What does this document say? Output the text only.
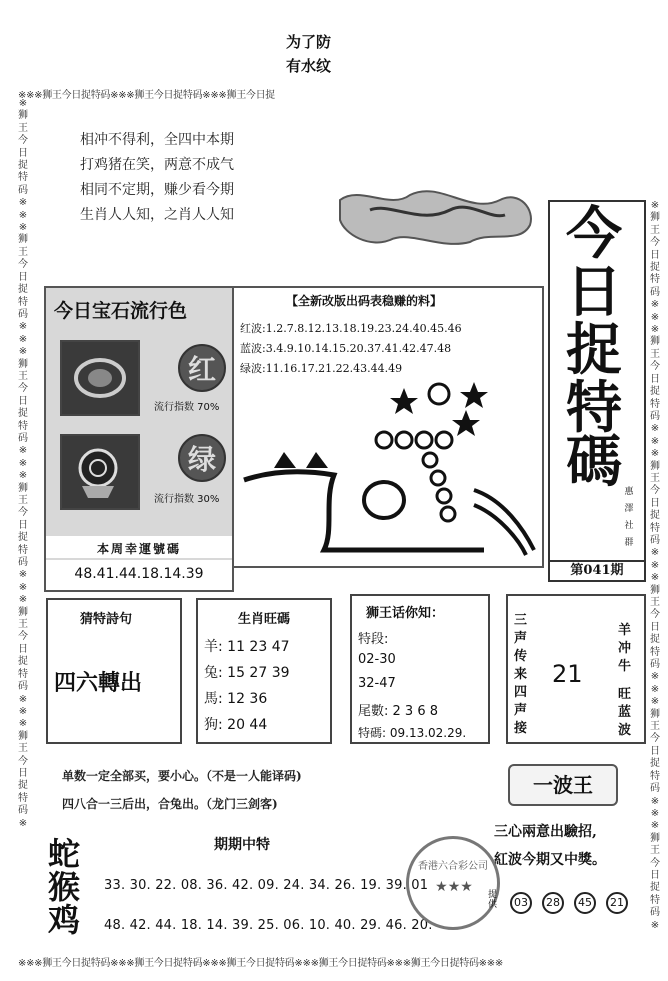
※※※狮王今日捉特码※※※狮王今日捉特码※※※狮王今日捉
※※※狮王今日捉特码※※※狮王今日捉特码※※※狮王今日捉特码※※※狮王今日捉特码※※※狮王今日捉特码※※※
※狮王今日捉特码※※※狮王今日捉特码※※※狮王今日捉特码※※※狮王今日捉特码※※※狮王今日捉特码※※※狮王今日捉特码※
※狮王今日捉特码※※※狮王今日捉特码※※※狮王今日捉特码※※※狮王今日捉特码※※※狮王今日捉特码※※※狮王今日捉特码※
为了防
有水纹
相冲不得利，全四中本期
打鸡猪在笑，两意不成气
相同不定期，赚少看今期
生肖人人知，之肖人人知
今日宝石流行色
红
流行指数 70%
绿
流行指数 30%
本周幸運號碼
48.41.44.18.14.39
【全新改版出码表稳赚的料】
红波:1.2.7.8.12.13.18.19.23.24.40.45.46
蓝波:3.4.9.10.14.15.20.37.41.42.47.48
绿波:11.16.17.21.22.43.44.49
今
日
捉
特
碼 惠澤社群
第041期
猜特詩句
四六轉出
生肖旺碼
羊: 11 23 47
兔: 15 27 39
馬: 12 36
狗: 20 44
狮王话你知：
特段:
02-30
32-47
尾數: 2 3 6 8
特碼: 09.13.02.29.
三声传来四声接
21
羊冲牛
旺蓝波
单数一定全部买，要小心。（不是一人能译码)
四八合一三后出，合兔出。（龙门三剑客)
一波王
三心兩意出驗招,
紅波今期又中獎。
蛇
猴
鸡
期期中特
33. 30. 22. 08. 36. 42. 09. 24. 34. 26. 19. 39. 01
48. 42. 44. 18. 14. 39. 25. 06. 10. 40. 29. 46. 20.
香港六合彩公司
★★★	提供	03	28	45	21
